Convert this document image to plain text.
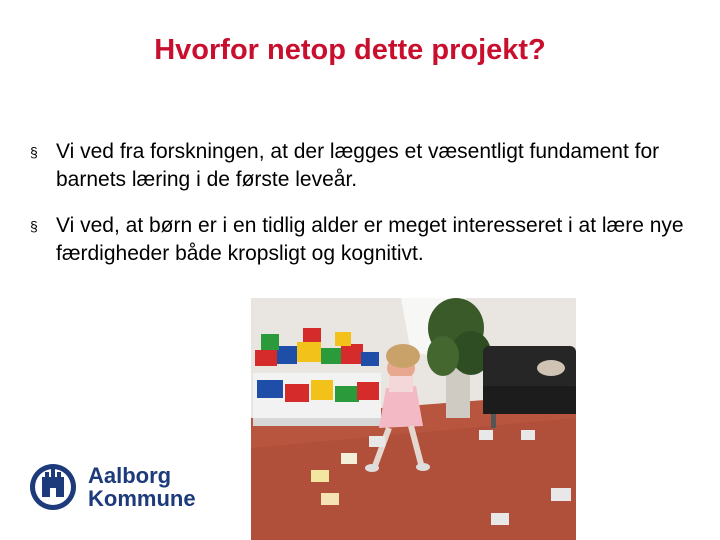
Hvorfor netop dette projekt?
§ Vi ved fra forskningen, at der lægges et væsentligt fundament for barnets læring i de første leveår.
§ Vi ved, at børn er i en tidlig alder er meget interesseret i at lære nye færdigheder både kropsligt og kognitivt.
Aalborg
Kommune
